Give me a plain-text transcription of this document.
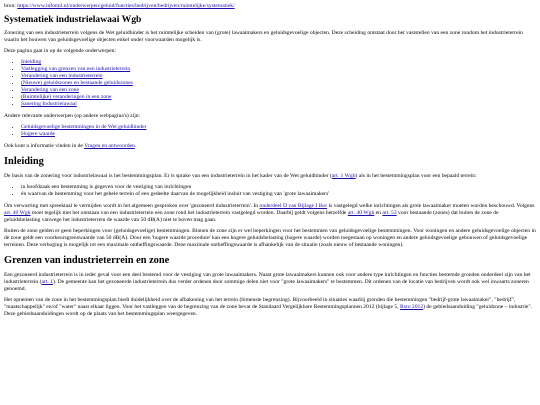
bron: https://www.infomil.nl/onderwerpen/geluid/functies/bedrijven/bedrijven/ruimtelijke/systematiek/

Systematiek industrielawaai Wgb

Zonering van een industrieterrein volgens de Wet geluidhinder is het ruimtelijke scheiden van (grote) lawaaimakers en geluidsgevoelige objecten. Deze scheiding ontstaat door het vaststellen van een zone rondom het industrieterrein waarin het bouwen van geluidsgevoelige objecten enkel onder voorwaarden mogelijk is.

Deze pagina gaat in op de volgende onderwerpen:

• Inleiding
• Vastlegging van grenzen van een industrieterrein
• Verandering van een industrieterrein
• (Nieuwe) geluidszones en bestaande geluidszones
• Verandering van een zone
• (Ruimtelijke) veranderingen in een zone
• Sanering Industrielawaai

Andere relevante onderwerpen (op andere webpagina's) zijn:

• Geluidsgevoelige bestemmingen in de Wet geluidhinder
• Hogere waarde

Ook kunt u informatie vinden in de Vragen en antwoorden.

Inleiding

De basis van de zonering voor industrielawaai is het bestemmingsplan. Er is sprake van een industrieterrein in het kader van de Wet geluidhinder (art. 1 Wgh) als in het bestemmingsplan voor een bepaald terrein:

• in hoofdzaak een bestemming is gegeven voor de vestiging van inrichtingen
• én waarvan de bestemming voor het gehele terrein of een gedeelte daarvan de mogelijkheid insluit van vestiging van 'grote lawaaimakers'

Om verwarring met spreektaal te vermijden wordt in het algemeen gesproken over 'gezoneerd industrieterrein'. In onderdeel D van Bijlage I Bor is vastgelegd welke inrichtingen als grote lawaaimaker moeten worden beschouwd. Volgens art. 40 Wgh moet tegelijk met het ontstaan van een industrieterrein een zone rond het industrieterrein vastgelegd worden. Daarbij geldt volgens hetzelfde art. 40 Wgh en art. 53 voor bestaande (zones) dat buiten de zone de geluidsbelasting vanwege het industrieterrein de waarde van 50 dB(A) niet te boven mag gaan.

Buiten de zone gelden er geen beperkingen voor (geluidsgevoelige) bestemmingen. Binnen de zone zijn er wel beperkingen voor het bestemmen van geluidsgevoelige bestemmingen. Voor woningen en andere geluidsgevoelige objecten in de zone geldt een voorkeursgrenswaarde van 50 dB(A). Door een 'hogere waarde procedure' kan een hogere geluidsbelasting (hogere waarde) worden toegestaan op woningen en andere geluidsgevoelige gebouwen of geluidsgevoelige terreinen. Deze verhoging is mogelijk tot een maximale ontheffingswaarde. Deze maximale ontheffingswaarde is afhankelijk van de situatie (zoals nieuw of bestaande woningen).

Grenzen van industrieterrein en zone

Een gezoneerd industrieterrein is in ieder geval voor een deel bestemd voor de vestiging van grote lawaaimakers. Naast grote lawaaimakers kunnen ook voor andere type inrichtingen en functies bestemde gronden onderdeel zijn van het industrieterrein (art. 1). De gemeente kan het gezoneerde industrieterrein dus verder ordenen door sommige delen niet voor "grote lawaaimakers" te bestemmen. Dit ordenen van de locatie van bedrijven wordt ook wel inwaarts zoneren genoemd.

Het opnemen van de zone in het bestemmingsplan biedt duidelijkheid over de afbakening van het terrein (bimenste begrenzing). Bijvoorbeeld in situaties waarbij gronden die bestemmingen "bedrijf-grote lawaaimaker", "bedrijf", "maatschappelijk" en/of "water" naast elkaar liggen. Voor het vastleggen van de begrenzing van de zone bevat de Standaard Vergelijkbare Bestemmingsplannen 2012 (bijlage 5, Rsro 2012) de gebiedsaanduiding "geluidzone – industrie". Deze gebiedsaanduidingen wordt op de plaats van het bestemmingsplan weergegeven.
